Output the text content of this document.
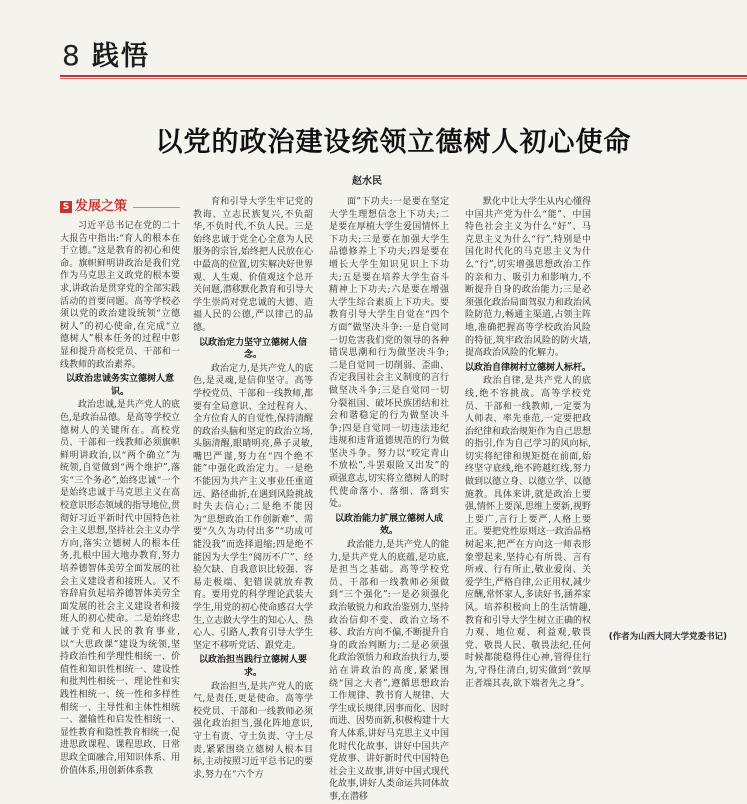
8 践悟
以党的政治建设统领立德树人初心使命
赵水民
S 发展之策

习近平总书记在党的二十大报告中指出:“育人的根本在于立德。”这是教育的初心和使命。旗帜鲜明讲政治是我们党作为马克思主义政党的根本要求,讲政治是贯穿党的全部实践活动的首要问题。高等学校必须以党的政治建设统领“立德树人”的初心使命,在完成“立德树人”根本任务的过程中彰显和提升高校党员、干部和一线教师的政治素养。

以政治忠诚务实立德树人意识。

政治忠诚,是共产党人的底色,是政治品德。是高等学校立德树人的关键所在。高校党员、干部和一线教师必须旗帜鲜明讲政治,以“两个确立”为统领,自觉做到“两个维护”,落实“三个务必”,始终忠诚“一个是始终忠诚于马克思主义在高校意识形态领域的指导地位,贯彻好习近平新时代中国特色社会主义思想,坚持社会主义办学方向,落实立德树人的根本任务,扎根中国大地办教育,努力培养德智体美劳全面发展的社会主义建设者和接班人。又不容辞肩负起培养德智体美劳全面发展的社会主义建设者和接班人的初心使命。二是始终忠诚于党和人民的教育事业,以“大思政课”建设为统领,坚持政治性和学理性相统一、价值性和知识性相统一、建设性和批判性相统一、理论性和实践性相统一、统一性和多样性相统一、主导性和主体性相统一、灌输性和启发性相统一、显性教育和隐性教育相统一,促进思政课程、课程思政、日常思政全面融合,用知识体系、用价值体系,用创新体系教

育和引导大学生牢记党的教诲、立志民族复兴,不负韶华,不负时代,不负人民。三是始终忠诚于党全心全意为人民服务的宗旨,始终把人民放在心中最高的位置,切实解决好世界观、人生观、价值观这个总开关问题,潜移默化教育和引导大学生崇尚对党忠诚的大德、造福人民的公德,严以律己的品德。

以政治定力坚守立德树人信念。

政治定力,是共产党人的底色,是灵魂,是信仰坚守。高等学校党员、干部和一线教师,都要有全局意识、全过程育人、全方位育人的自觉性,保持清醒的政治头脑和坚定的政治立场,头脑清醒,眼睛明亮,鼻子灵敏,嘴巴严谨,努力在“四个绝不能”中强化政治定力。一是绝不能因为共产主义事业任重道远、路径曲折,在遇到风险挑战时失去信心;二是绝不能因为“思想政治工作创新难”、需要“久久为功付出多”“功成可能没我”而选择退缩;四是绝不能因为大学生“阅历不广”、经验欠缺、自我意识比较强、容易走极端、犯错误就放弃教育。要用党的科学理论武装大学生,用党的初心使命感召大学生,立志做大学生的知心人、热心人、引路人,教育引导大学生坚定不移听党话、跟党走。

以政治担当践行立德树人要求。

政治担当,是共产党人的底气,是责任,更是使命。高等学校党员、干部和一线教师必须强化政治担当,强化阵地意识,守土有责、守土负责、守土尽责,紧紧围绕立德树人根本目标,主动按照习近平总书记的要求,努力在“六个方

面”下功夫:一是要在坚定大学生理想信念上下功夫;二是要在厚植大学生爱国情怀上下功夫;三是要在加强大学生品德修养上下功夫;四是要在增长大学生知识见识上下功夫;五是要在培养大学生奋斗精神上下功夫;六是要在增强大学生综合素质上下功夫。要教育引导大学生自觉在“四个方面”做坚决斗争:一是自觉同一切危害我们党的领导的各种错误思潮和行为做坚决斗争;二是自觉同一切削弱、歪曲、否定我国社会主义制度的言行做坚决斗争;三是自觉同一切分裂祖国、破坏民族团结和社会和谐稳定的行为做坚决斗争;四是自觉同一切违法违纪违规和违背道德规范的行为做坚决斗争。努力以“咬定青山不放松”,斗罢艰险又出发”的顽强意志,切实将立德树人的时代使命落小、落细、落到实处。

以政治能力扩展立德树人成效。

政治能力,是共产党人的能力,是共产党人的底蕴,是功底,是担当之基础。高等学校党员、干部和一线教师必须做到“三个强化”:一是必须强化政治敏锐力和政治鉴别力,坚持政治信仰不变、政治立场不移、政治方向不偏,不断提升自身的政治判断力;二是必须强化政治领悟力和政治执行力,要站在讲政治的高度,紧紧围绕“国之大者”,遵循思想政治工作规律、教书育人规律、大学生成长规律,因事而化、因时而进、因势而新,积极构建十大育人体系,讲好马克思主义中国化时代化故事、讲好中国共产党故事、讲好新时代中国特色社会主义故事,讲好中国式现代化故事,讲好人类命运共同体故事,在潜移

默化中让大学生从内心懂得中国共产党为什么“能”、中国特色社会主义为什么“好”、马克思主义为什么“行”,特别是中国化时代化的马克思主义为什么“行”,切实增强思想政治工作的亲和力、吸引力和影响力,不断提升自身的政治能力;三是必须强化政治局面驾驭力和政治风险防范力,畅通主渠道,占领主阵地,准确把握高等学校政治风险的特征,筑牢政治风险的防火墙,提高政治风险的化解力。

以政治自律树村立德树人标杆。

政治自律,是共产党人的底线,绝不容挑战。高等学校党员、干部和一线教师,一定要为人师表、率先垂范,一定要把政治纪律和政治规矩作为自己思想的指引,作为自己学习的风向标,切实将纪律和规矩挺在前面,始终坚守底线,绝不跨越红线,努力做到以德立身、以德立学、以德施教。具体来讲,就是政治上要强,情怀上要深,思维上要新,视野上要广,言行上要严,人格上要正。要把党性原则这一政治品格树起来,把严在方向这一师表形象塑起来,坚持心有所畏、言有所戒、行有所止,敬业爱岗、关爱学生,严格自律,公正用权,减少应酬,常怀家人,多读好书,涵养家风。培养积极向上的生活情趣,教育和引导大学生树立正确的权力观、地位观、利益观,敬畏党、敬畏人民、敬畏法纪,任何时候都能稳得住心神,管得住行为,守得住清白,切实做到“敦厚正者端其表,欲下端者先之身”。

(作者为山西大同大学党委书记)
